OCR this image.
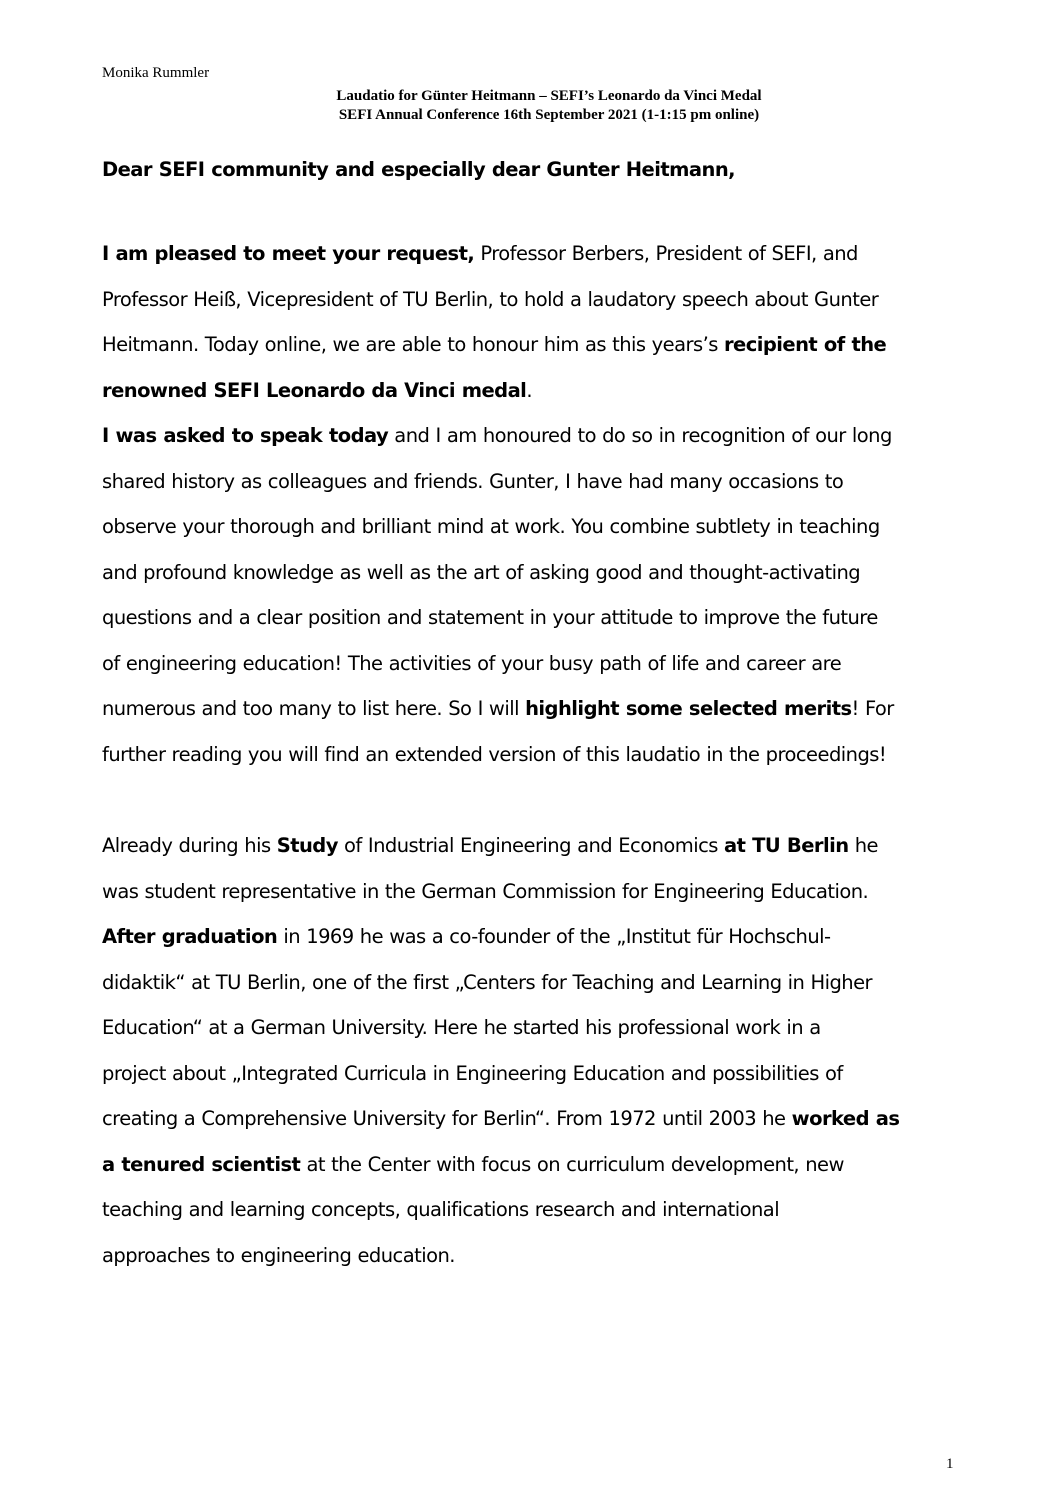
Monika Rummler
Laudatio for Günter Heitmann – SEFI’s Leonardo da Vinci Medal
SEFI Annual Conference 16th September 2021 (1-1:15 pm online)
Dear SEFI community and especially dear Gunter Heitmann,
I am pleased to meet your request, Professor Berbers, President of SEFI, and
Professor Heiß, Vicepresident of TU Berlin, to hold a laudatory speech about Gunter
Heitmann. Today online, we are able to honour him as this years’s recipient of the
renowned SEFI Leonardo da Vinci medal.
I was asked to speak today and I am honoured to do so in recognition of our long
shared history as colleagues and friends. Gunter, I have had many occasions to
observe your thorough and brilliant mind at work. You combine subtlety in teaching
and profound knowledge as well as the art of asking good and thought-activating
questions and a clear position and statement in your attitude to improve the future
of engineering education! The activities of your busy path of life and career are
numerous and too many to list here. So I will highlight some selected merits! For
further reading you will find an extended version of this laudatio in the proceedings!
Already during his Study of Industrial Engineering and Economics at TU Berlin he
was student representative in the German Commission for Engineering Education.
After graduation in 1969 he was a co-founder of the „Institut für Hochschul-
didaktik“ at TU Berlin, one of the first „Centers for Teaching and Learning in Higher
Education“ at a German University. Here he started his professional work in a
project about „Integrated Curricula in Engineering Education and possibilities of
creating a Comprehensive University for Berlin“. From 1972 until 2003 he worked as
a tenured scientist at the Center with focus on curriculum development, new
teaching and learning concepts, qualifications research and international
approaches to engineering education.
1
